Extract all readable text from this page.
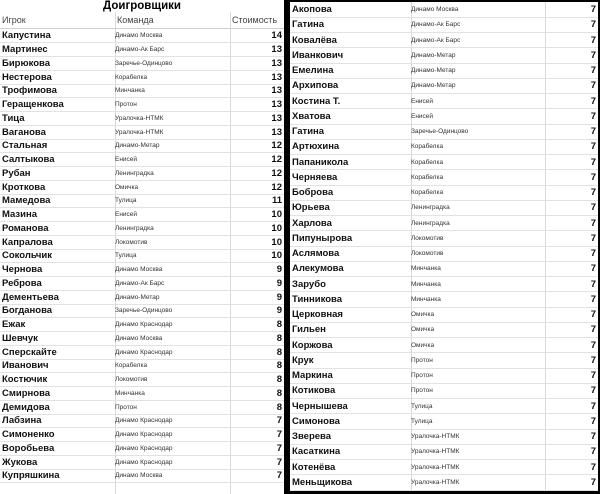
Доигровщики
Игрок	Команда	Стоимость
Капустина	Динамо Москва	14
Мартинес	Динамо-Ак Барс	13
Бирюкова	Заречье-Одинцово	13
Нестерова	Корабелка	13
Трофимова	Минчанка	13
Геращенкова	Протон	13
Тица	Уралочка-НТМК	13
Ваганова	Уралочка-НТМК	13
Стальная	Динамо-Метар	12
Салтыкова	Енисей	12
Рубан	Ленинградка	12
Кроткова	Омичка	12
Мамедова	Тулица	11
Мазина	Енисей	10
Романова	Ленинградка	10
Капралова	Локомотив	10
Сокольчик	Тулица	10
Чернова	Динамо Москва	9
Реброва	Динамо-Ак Барс	9
Дементьева	Динамо-Метар	9
Богданова	Заречье-Одинцово	9
Ежак	Динамо Краснодар	8
Шевчук	Динамо Москва	8
Сперскайте	Динамо Краснодар	8
Иванович	Корабелка	8
Костючик	Локомотив	8
Смирнова	Минчанка	8
Демидова	Протон	8
Лабзина	Динамо Краснодар	7
Симоненко	Динамо Краснодар	7
Воробьева	Динамо Краснодар	7
Жукова	Динамо Краснодар	7
Купряшкина	Динамо Москва	7
Акопова	Динамо Москва	7
Гатина	Динамо-Ак Барс	7
Ковалёва	Динамо-Ак Барс	7
Иванкович	Динамо-Метар	7
Емелина	Динамо-Метар	7
Архипова	Динамо-Метар	7
Костина Т.	Енисей	7
Хватова	Енисей	7
Гатина	Заречье-Одинцово	7
Артюхина	Корабелка	7
Папаникола	Корабелка	7
Черняева	Корабелка	7
Боброва	Корабелка	7
Юрьева	Ленинградка	7
Харлова	Ленинградка	7
Пипунырова	Локомотив	7
Аслямова	Локомотив	7
Алекумова	Минчанка	7
Зарубо	Минчанка	7
Тинникова	Минчанка	7
Церковная	Омичка	7
Гильен	Омичка	7
Коржова	Омичка	7
Крук	Протон	7
Маркина	Протон	7
Котикова	Протон	7
Чернышева	Тулица	7
Симонова	Тулица	7
Зверева	Уралочка-НТМК	7
Касаткина	Уралочка-НТМК	7
Котенёва	Уралочка-НТМК	7
Меньщикова	Уралочка-НТМК	7
